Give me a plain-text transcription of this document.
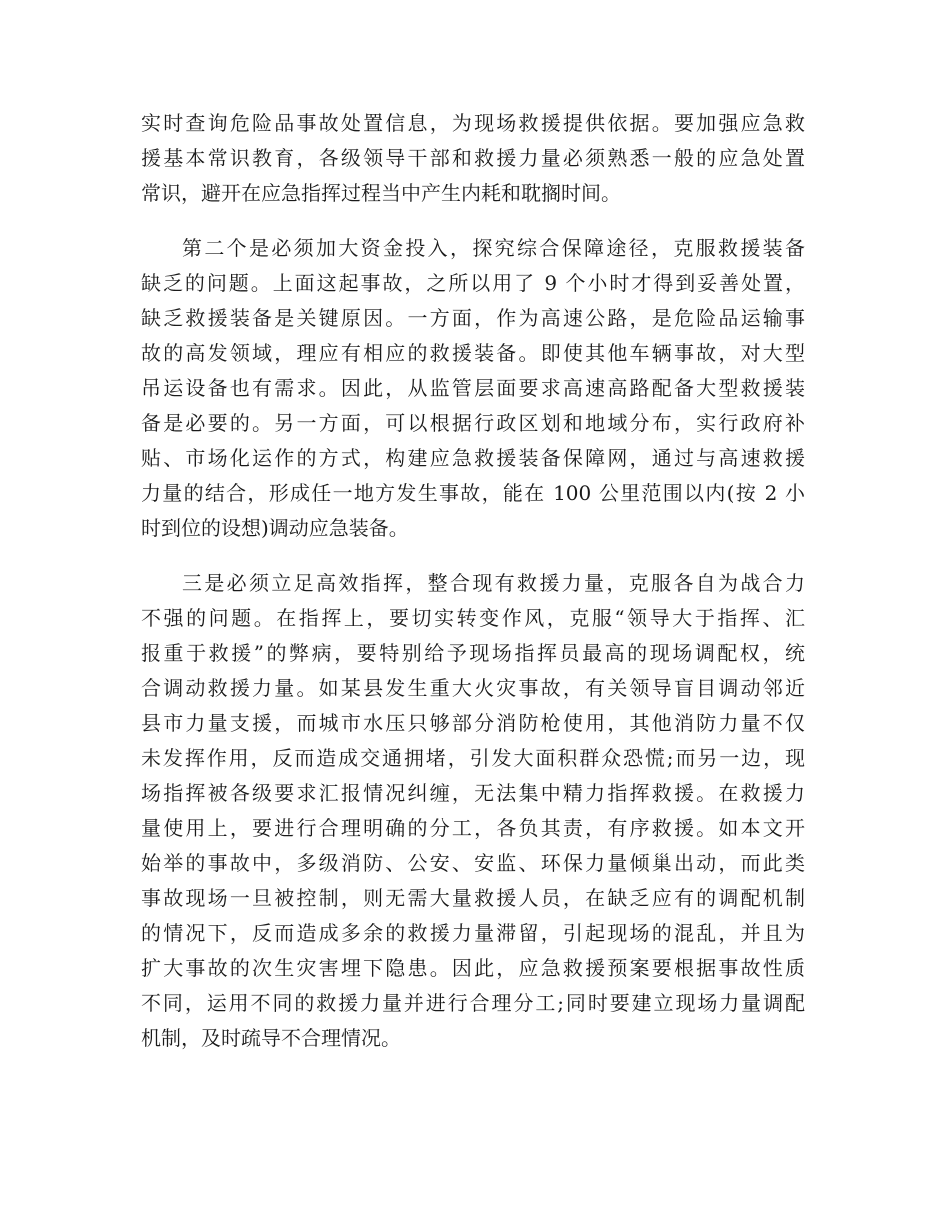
实时查询危险品事故处置信息，为现场救援提供依据。要加强应急救
援基本常识教育，各级领导干部和救援力量必须熟悉一般的应急处置
常识，避开在应急指挥过程当中产生内耗和耽搁时间。
第二个是必须加大资金投入，探究综合保障途径，克服救援装备
缺乏的问题。上面这起事故，之所以用了 9 个小时才得到妥善处置，
缺乏救援装备是关键原因。一方面，作为高速公路，是危险品运输事
故的高发领域，理应有相应的救援装备。即使其他车辆事故，对大型
吊运设备也有需求。因此，从监管层面要求高速高路配备大型救援装
备是必要的。另一方面，可以根据行政区划和地域分布，实行政府补
贴、市场化运作的方式，构建应急救援装备保障网，通过与高速救援
力量的结合，形成任一地方发生事故，能在 100 公里范围以内(按 2 小
时到位的设想)调动应急装备。
三是必须立足高效指挥，整合现有救援力量，克服各自为战合力
不强的问题。在指挥上，要切实转变作风，克服“领导大于指挥、汇
报重于救援”的弊病，要特别给予现场指挥员最高的现场调配权，统
合调动救援力量。如某县发生重大火灾事故，有关领导盲目调动邻近
县市力量支援，而城市水压只够部分消防枪使用，其他消防力量不仅
未发挥作用，反而造成交通拥堵，引发大面积群众恐慌;而另一边，现
场指挥被各级要求汇报情况纠缠，无法集中精力指挥救援。在救援力
量使用上，要进行合理明确的分工，各负其责，有序救援。如本文开
始举的事故中，多级消防、公安、安监、环保力量倾巢出动，而此类
事故现场一旦被控制，则无需大量救援人员，在缺乏应有的调配机制
的情况下，反而造成多余的救援力量滞留，引起现场的混乱，并且为
扩大事故的次生灾害埋下隐患。因此，应急救援预案要根据事故性质
不同，运用不同的救援力量并进行合理分工;同时要建立现场力量调配
机制，及时疏导不合理情况。
